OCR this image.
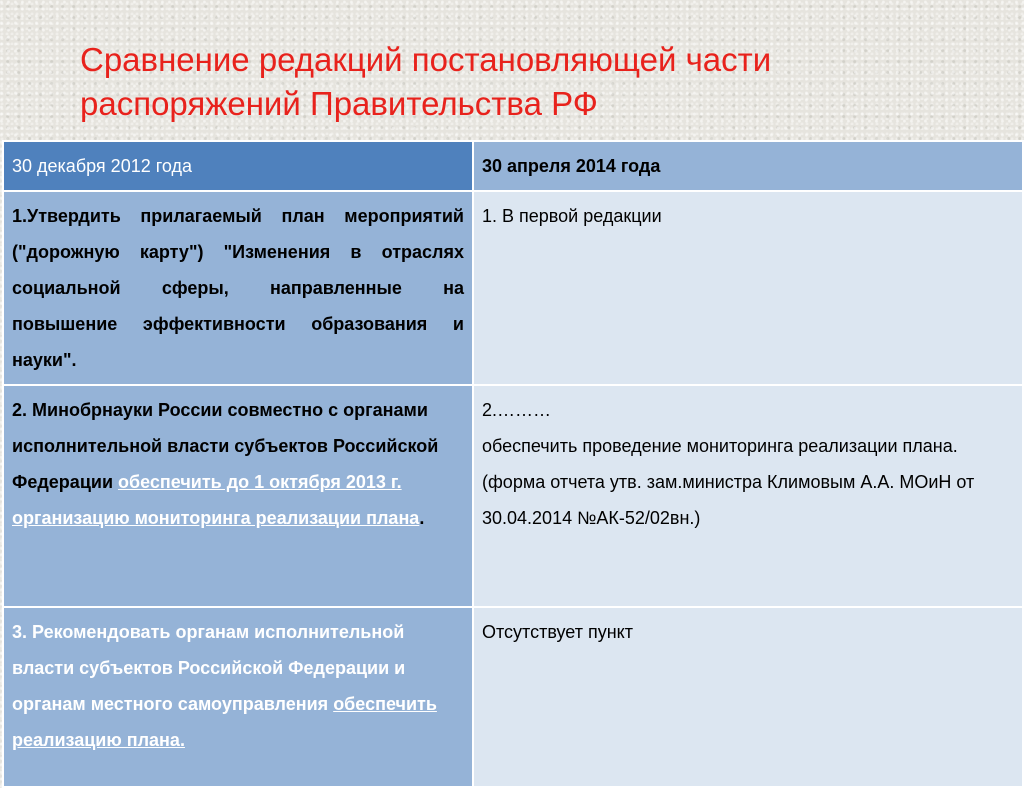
Сравнение редакций постановляющей части
распоряжений Правительства РФ
30 декабря 2012 года	30 апреля 2014 года
1.Утвердить прилагаемый план мероприятий ("дорожную карту") "Изменения в отраслях социальной сферы, направленные на повышение эффективности образования и науки".	1. В первой редакции
2. Минобрнауки России совместно с органами исполнительной власти субъектов Российской Федерации обеспечить до 1 октября 2013 г. организацию мониторинга реализации плана.	2.………
обеспечить проведение мониторинга реализации плана.
(форма отчета утв. зам.министра Климовым А.А. МОиН от 30.04.2014 №АК-52/02вн.)

3. Рекомендовать органам исполнительной власти субъектов Российской Федерации и органам местного самоуправления обеспечить реализацию плана.	Отсутствует пункт
